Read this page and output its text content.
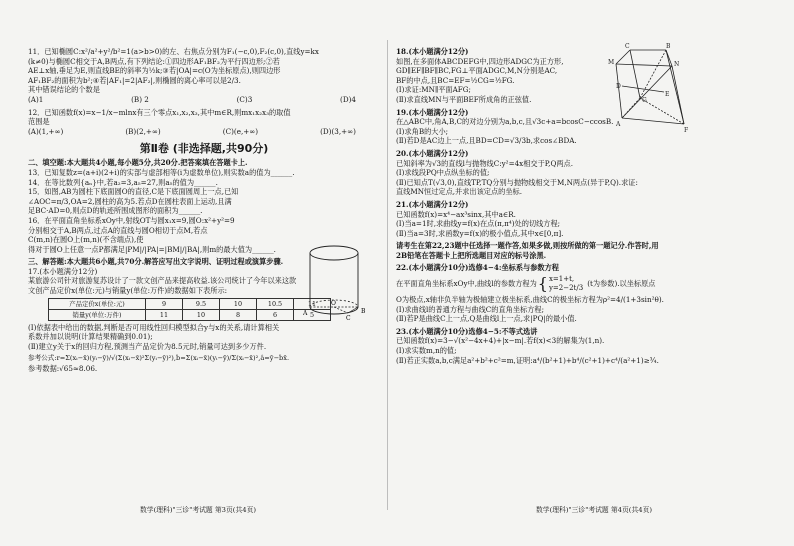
11．已知椭圆C:x²/a²+y²/b²=1(a>b>0)的左、右焦点分别为F₁(−c,0),F₂(c,0),直线y=kx

(k≠0)与椭圆C相交于A,B两点,有下列结论:①四边形AF₁BF₂为平行四边形;②若

AE⊥x轴,垂足为E,则直线BE的斜率为½k;③若|OA|=c(O为坐标原点),则四边形

AF₁BF₂的面积为b²;④若|AF₁|=2|AF₂|,则椭圆的离心率可以是2/3.

其中错误结论的个数是

(A)1	(B) 2	(C)3	(D)4

12．已知函数f(x)=x−1/x−mlnx有三个零点x₁,x₂,x₃,其中m∈R,则mx₁x₂x₃的取值

范围是

(A)(1,+∞)	(B)(2,+∞)	(C)(e,+∞)	(D)(3,+∞)
第Ⅱ卷 (非选择题,共90分)

二、填空题:本大题共4小题,每小题5分,共20分.把答案填在答题卡上.

13．已知复数z=(a+i)(2+i)的实部与虚部相等(i为虚数单位),则实数a的值为______.

14．在等比数列{aₙ}中,若a₂=3,a₅=27,则a₅的值为______.

15．如图,AB为圆柱下底面圆O的直径,C是下底面圆周上一点,已知

∠AOC=π/3,OA=2,圆柱的高为5.若点D在圆柱表面上运动,且满

足BC·AD=0,则点D的轨迹所围成图形的面积为______.

16．在平面直角坐标系xOy中,射线OT与圆x₁x=9,圆O:x²+y²=9

分别相交于A,B两点,过点A的直线与圆O相切于点M,若点

C(m,n)在圆O上(m,n)(不含端点),使

得对于圆O上任意一点P都满足|PM|/|PA|=|BM|/|BA|,则m的最大值为______.

三、解答题:本大题共6小题,共70分.解答应写出文字说明、证明过程或演算步骤.

17.(本小题满分12分)

某旅游公司针对旅游复苏设计了一款文创产品来提高收益.该公司统计了今年以来这款

文创产品定价x(单位:元)与销量y(单位:万件)的数据如下表所示:

产品定价x(单位:元)	9	9.5	10	10.5	11
销量y(单位:万件)	11	10	8	6	5

(Ⅰ)依据表中给出的数据,判断是否可用线性回归模型拟合y与x的关系,请计算相关

系数并加以说明(计算结果精确到0.01);

(Ⅱ)建立y关于x的回归方程,预测当产品定价为8.5元时,销量可达到多少万件.

参考公式:r=Σ(xᵢ−x̄)(yᵢ−ȳ)/√(Σ(xᵢ−x̄)²Σ(yᵢ−ȳ)²),b̂=Σ(xᵢ−x̄)(yᵢ−ȳ)/Σ(xᵢ−x̄)²,â=ȳ−b̂x̄.

参考数据:√65≈8.06.

A	B
O
C
数学(理科)"三诊"考试题 第3页(共4页)

18.(本小题满分12分)

如图,在多面体ABCDEFG中,四边形ADGC为正方形,

GD∥EF∥BF∥BC,FG⊥平面ADGC,M,N分别是AC,

BF的中点,且BC=EF=½CG=½FG.

(Ⅰ)求证:MN∥平面AFG;

(Ⅱ)求直线MN与平面BEF所成角的正弦值.

19.(本小题满分12分)

在△ABC中,角A,B,C的对边分别为a,b,c,且√3c+a=bcosC−ccosB.

(Ⅰ)求角B的大小;

(Ⅱ)若D是AC边上一点,且BD=CD=√3/3b,求cos∠BDA.

20.(本小题满分12分)

已知斜率为√3的直线l与抛物线C:y²=4x相交于P,Q两点.

(Ⅰ)求线段PQ中点纵坐标的值;

(Ⅱ)已知点T(√3,0),直线TP,TQ分别与抛物线相交于M,N两点(异于P,Q).求证:

直线MN恒过定点,并求出该定点的坐标.

21.(本小题满分12分)

已知函数f(x)=x⁴−ax³sinx,其中a∈R.

(Ⅰ)当a=1时,求曲线y=f(x)在点(π,π⁴)处的切线方程;

(Ⅱ)当a=3时,求函数y=f(x)的极小值点,其中x∈[0,π].

请考生在第22,23题中任选择一题作答,如果多做,则按所做的第一题记分.作答时,用

2B铅笔在答题卡上把所选题目对应的标号涂黑.

22.(本小题满分10分)选修4−4:坐标系与参数方程

在平面直角坐标系xOy中,曲线l的参数方程为 { x=1+t,
y=2−2t/3 (t为参数).以坐标原点

O为极点,x轴非负半轴为极轴建立极坐标系,曲线C的极坐标方程为ρ²=4/(1+3sin²θ).

(Ⅰ)求曲线l的普通方程与曲线C的直角坐标方程;

(Ⅱ)若P是曲线C上一点,Q是曲线l上一点,求|PQ|的最小值.

23.(本小题满分10分)选修4−5:不等式选讲

已知函数f(x)=3−√(x²−4x+4)+|x−m|.若f(x)<3的解集为(1,n).

(Ⅰ)求实数m,n的值;

(Ⅱ)若正实数a,b,c满足a²+b²+c²=m,证明:a⁴/(b²+1)+b⁴/(c²+1)+c⁴/(a²+1)≥¾.

C	B
M	N
A
F
G
D
E
数学(理科)"三诊"考试题 第4页(共4页)
